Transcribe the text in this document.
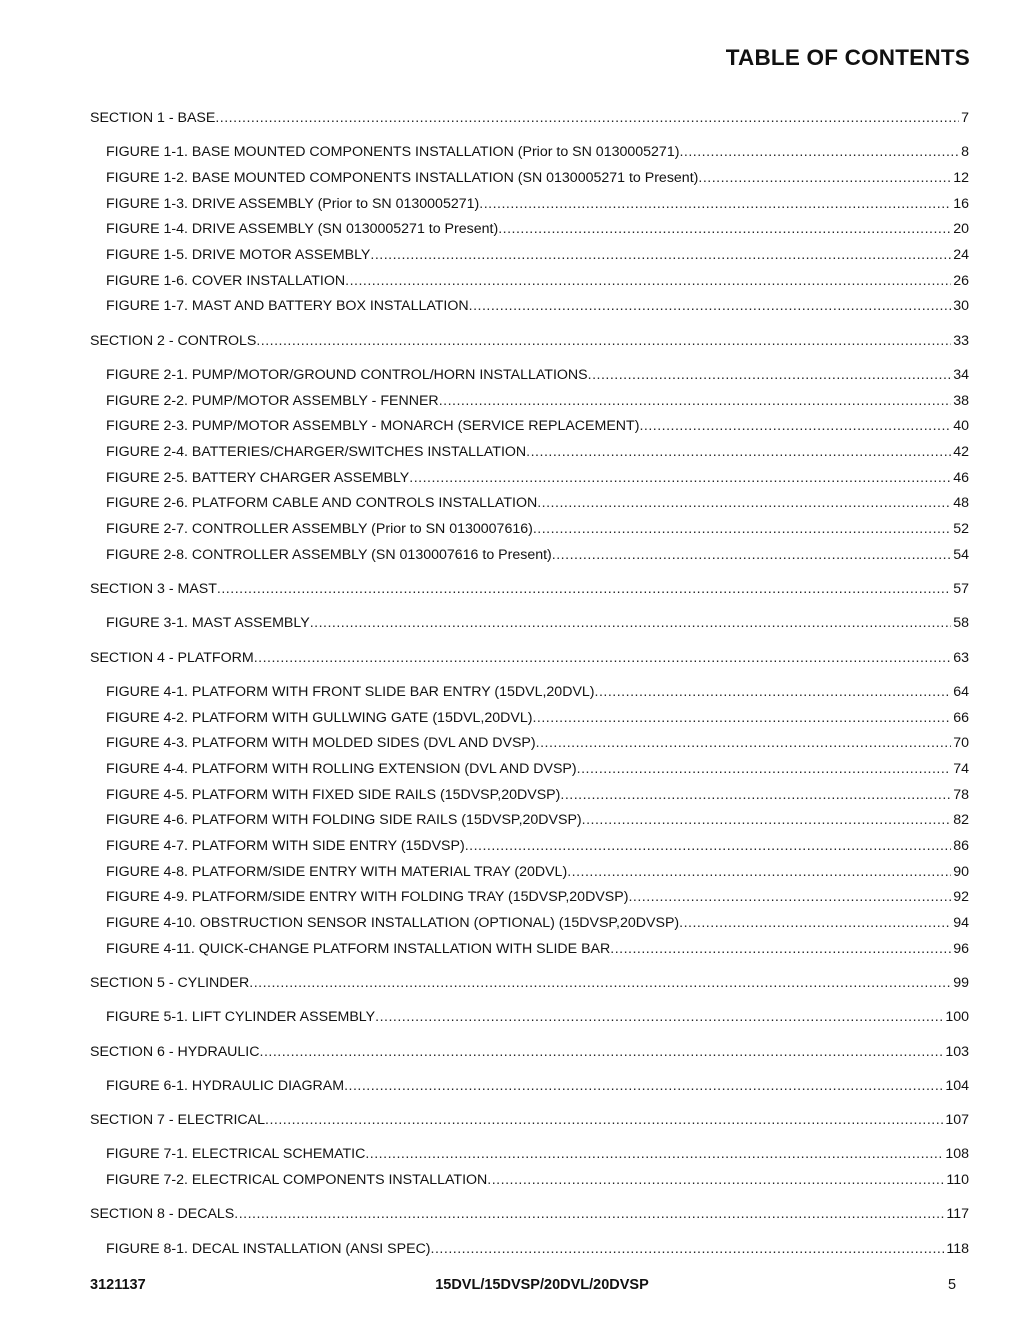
TABLE OF CONTENTS
SECTION 1 - BASE .....	7
FIGURE 1-1. BASE MOUNTED COMPONENTS INSTALLATION (Prior to SN 0130005271) .....	8
FIGURE 1-2. BASE MOUNTED COMPONENTS INSTALLATION (SN 0130005271 to Present) .....	12
FIGURE 1-3. DRIVE ASSEMBLY (Prior to SN 0130005271) .....	16
FIGURE 1-4. DRIVE ASSEMBLY (SN 0130005271 to Present) .....	20
FIGURE 1-5. DRIVE MOTOR ASSEMBLY .....	24
FIGURE 1-6. COVER INSTALLATION .....	26
FIGURE 1-7. MAST AND BATTERY BOX INSTALLATION .....	30
SECTION 2 - CONTROLS .....	33
FIGURE 2-1. PUMP/MOTOR/GROUND CONTROL/HORN INSTALLATIONS .....	34
FIGURE 2-2. PUMP/MOTOR ASSEMBLY - FENNER .....	38
FIGURE 2-3. PUMP/MOTOR ASSEMBLY - MONARCH (SERVICE REPLACEMENT) .....	40
FIGURE 2-4. BATTERIES/CHARGER/SWITCHES INSTALLATION .....	42
FIGURE 2-5. BATTERY CHARGER ASSEMBLY .....	46
FIGURE 2-6. PLATFORM CABLE AND CONTROLS INSTALLATION .....	48
FIGURE 2-7. CONTROLLER ASSEMBLY (Prior to SN 0130007616) .....	52
FIGURE 2-8. CONTROLLER ASSEMBLY (SN 0130007616 to Present) .....	54
SECTION 3 - MAST .....	57
FIGURE 3-1. MAST ASSEMBLY .....	58
SECTION 4 - PLATFORM .....	63
FIGURE 4-1. PLATFORM WITH FRONT SLIDE BAR ENTRY (15DVL,20DVL) .....	64
FIGURE 4-2. PLATFORM WITH GULLWING GATE (15DVL,20DVL) .....	66
FIGURE 4-3. PLATFORM WITH MOLDED SIDES (DVL AND DVSP) .....	70
FIGURE 4-4. PLATFORM WITH ROLLING EXTENSION (DVL AND DVSP) .....	74
FIGURE 4-5. PLATFORM WITH FIXED SIDE RAILS (15DVSP,20DVSP) .....	78
FIGURE 4-6. PLATFORM WITH FOLDING SIDE RAILS (15DVSP,20DVSP) .....	82
FIGURE 4-7. PLATFORM WITH SIDE ENTRY (15DVSP) .....	86
FIGURE 4-8. PLATFORM/SIDE ENTRY WITH MATERIAL TRAY (20DVL) .....	90
FIGURE 4-9. PLATFORM/SIDE ENTRY WITH FOLDING TRAY (15DVSP,20DVSP) .....	92
FIGURE 4-10. OBSTRUCTION SENSOR INSTALLATION (OPTIONAL) (15DVSP,20DVSP) .....	94
FIGURE 4-11. QUICK-CHANGE PLATFORM INSTALLATION WITH SLIDE BAR .....	96
SECTION 5 - CYLINDER .....	99
FIGURE 5-1. LIFT CYLINDER ASSEMBLY .....	100
SECTION 6 - HYDRAULIC .....	103
FIGURE 6-1. HYDRAULIC DIAGRAM .....	104
SECTION 7 - ELECTRICAL .....	107
FIGURE 7-1. ELECTRICAL SCHEMATIC .....	108
FIGURE 7-2. ELECTRICAL COMPONENTS INSTALLATION .....	110
SECTION 8 - DECALS .....	117
FIGURE 8-1. DECAL INSTALLATION (ANSI SPEC) .....	118
3121137	15DVL/15DVSP/20DVL/20DVSP	5
